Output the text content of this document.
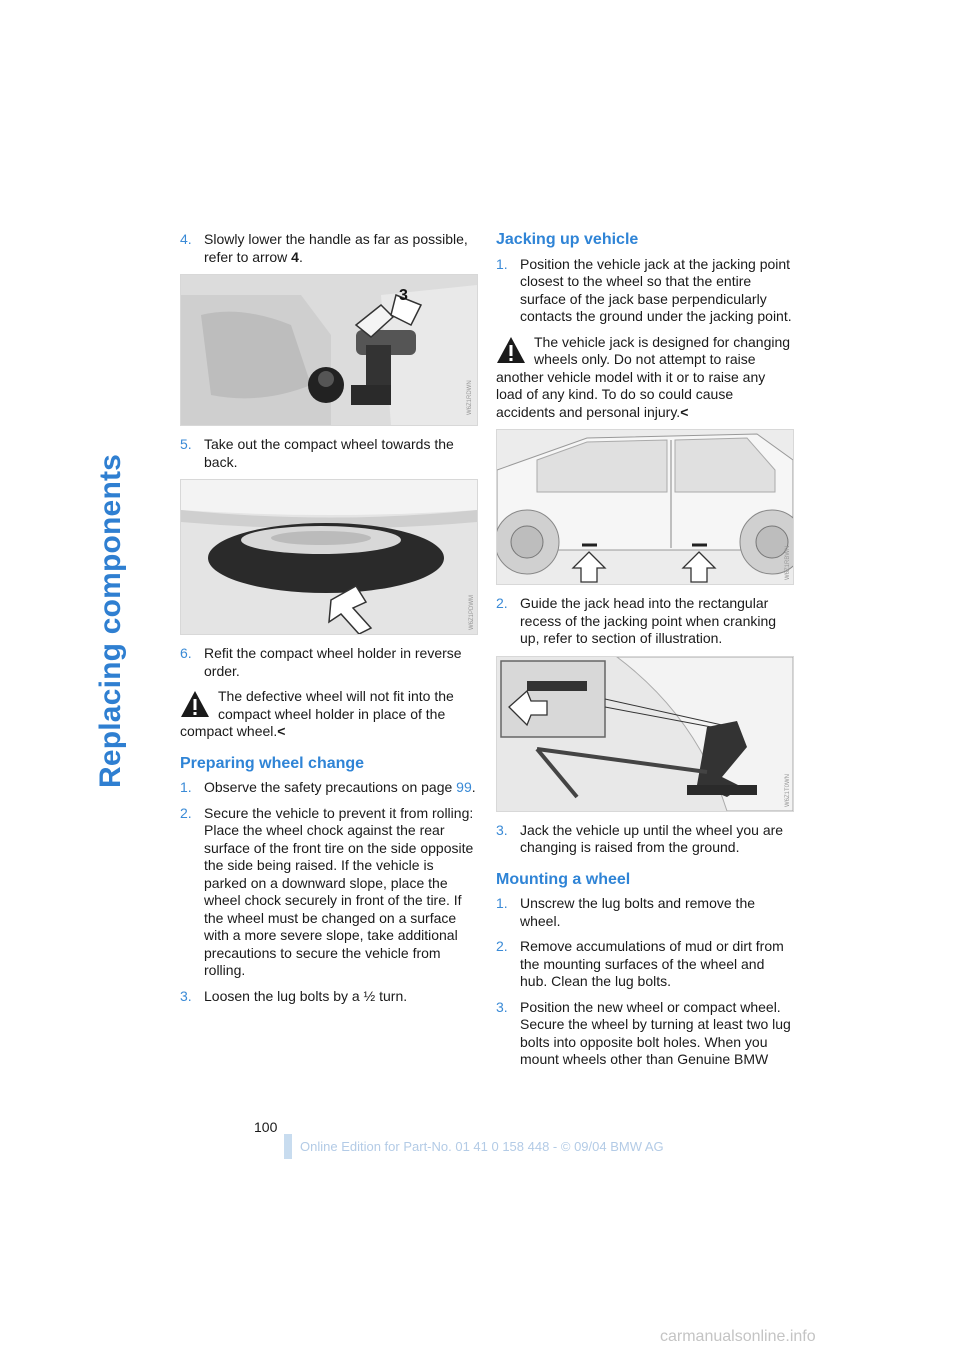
Replacing components
4 . Slowly lower the handle as far as possible, refer to arrow 4.
3
W6Z1RDWN
5 . Take out the compact wheel towards the back.
W6Z1PDWM
6 . Refit the compact wheel holder in reverse order.
The defective wheel will not fit into the compact wheel holder in place of the compact wheel.<
Preparing wheel change
1 . Observe the safety precautions on page 99.
2 . Secure the vehicle to prevent it from rolling: Place the wheel chock against the rear surface of the front tire on the side opposite the side being raised. If the vehicle is parked on a downward slope, place the wheel chock securely in front of the tire. If the wheel must be changed on a surface with a more severe slope, take additional precautions to secure the vehicle from rolling.
3 . Loosen the lug bolts by a ½ turn.
Jacking up vehicle
1 . Position the vehicle jack at the jacking point closest to the wheel so that the entire surface of the jack base perpendicularly contacts the ground under the jacking point.
The vehicle jack is designed for changing wheels only. Do not attempt to raise another vehicle model with it or to raise any load of any kind. To do so could cause accidents and personal injury.<
W6Z1RBWN
2 . Guide the jack head into the rectangular recess of the jacking point when cranking up, refer to section of illustration.
W6Z1T0WN
3 . Jack the vehicle up until the wheel you are changing is raised from the ground.
Mounting a wheel
1 . Unscrew the lug bolts and remove the wheel.
2 . Remove accumulations of mud or dirt from the mounting surfaces of the wheel and hub. Clean the lug bolts.
3 . Position the new wheel or compact wheel. Secure the wheel by turning at least two lug bolts into opposite bolt holes. When you mount wheels other than Genuine BMW
100
Online Edition for Part-No. 01 41 0 158 448 - © 09/04 BMW AG
carmanualsonline.info
